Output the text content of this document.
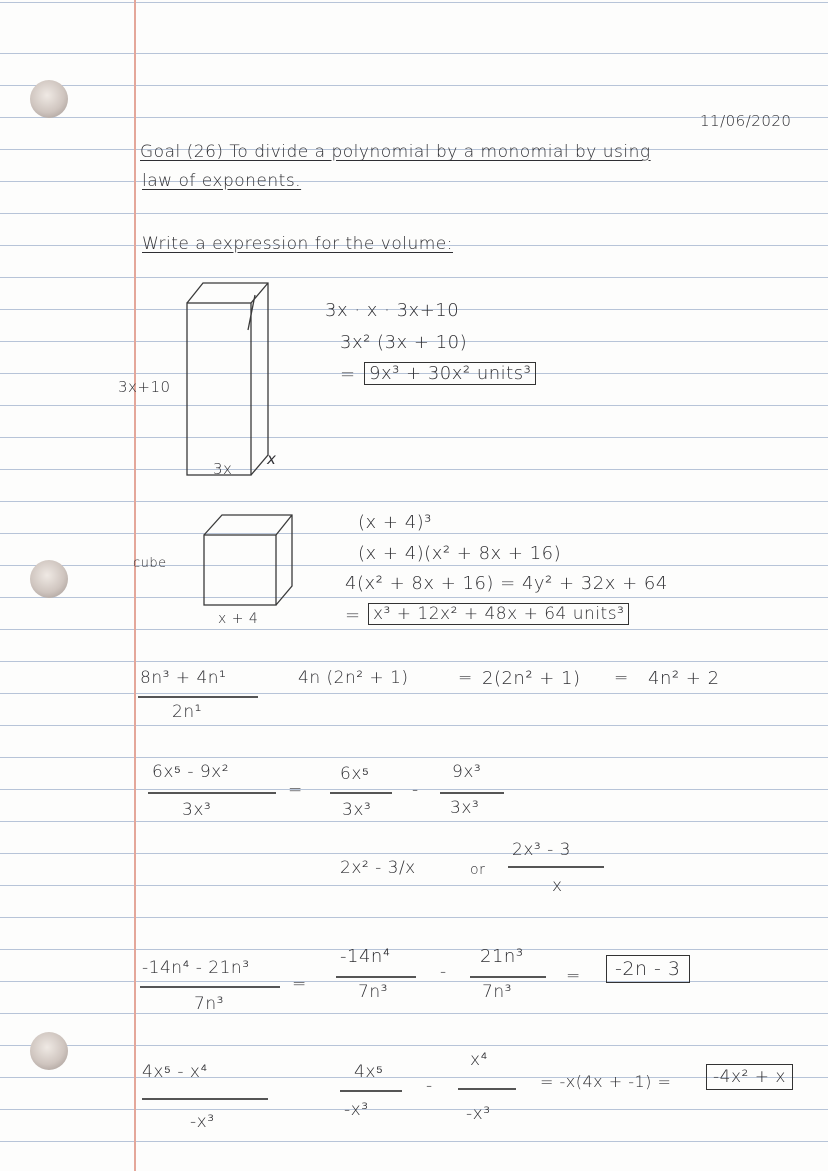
11/06/2020
Goal (26) To divide a polynomial by a monomial by using
law of exponents.
Write a expression for the volume:
3x+10
3x
x
3x · x · 3x+10
3x² (3x + 10)
= 9x³ + 30x² units³
cube
x + 4
(x + 4)³
(x + 4)(x² + 8x + 16)
4(x² + 8x + 16) = 4y² + 32x + 64
= x³ + 12x² + 48x + 64 units³
8n³ + 4n¹
2n¹
4n (2n² + 1)	= 2(2n² + 1) = 4n² + 2
6x⁵ - 9x²
3x³
=
6x⁵
3x³
-
9x³
3x³
2x² - 3/x	or
2x³ - 3
x
-14n⁴ - 21n³
7n³
=
-14n⁴
7n³
-
21n³
7n³
=	-2n - 3
4x⁵ - x⁴
-x³
4x⁵
-x³
-
x⁴
-x³
= -x(4x + -1) =	-4x² + x
